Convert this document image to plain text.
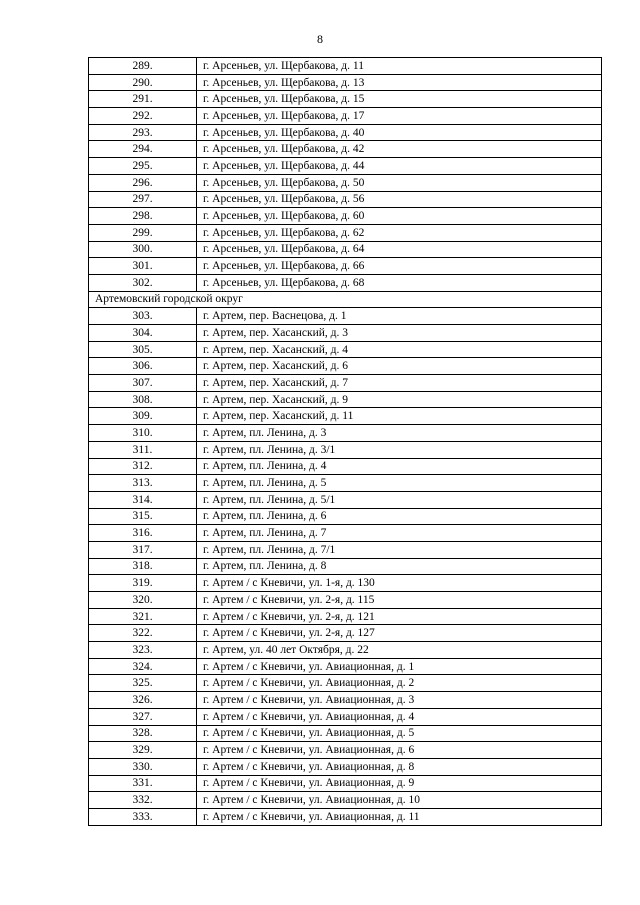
8
289.	г. Арсеньев, ул. Щербакова, д. 11
290.	г. Арсеньев, ул. Щербакова, д. 13
291.	г. Арсеньев, ул. Щербакова, д. 15
292.	г. Арсеньев, ул. Щербакова, д. 17
293.	г. Арсеньев, ул. Щербакова, д. 40
294.	г. Арсеньев, ул. Щербакова, д. 42
295.	г. Арсеньев, ул. Щербакова, д. 44
296.	г. Арсеньев, ул. Щербакова, д. 50
297.	г. Арсеньев, ул. Щербакова, д. 56
298.	г. Арсеньев, ул. Щербакова, д. 60
299.	г. Арсеньев, ул. Щербакова, д. 62
300.	г. Арсеньев, ул. Щербакова, д. 64
301.	г. Арсеньев, ул. Щербакова, д. 66
302.	г. Арсеньев, ул. Щербакова, д. 68
Артемовский городской округ	
303.	г. Артем, пер. Васнецова, д. 1
304.	г. Артем, пер. Хасанский, д. 3
305.	г. Артем, пер. Хасанский, д. 4
306.	г. Артем, пер. Хасанский, д. 6
307.	г. Артем, пер. Хасанский, д. 7
308.	г. Артем, пер. Хасанский, д. 9
309.	г. Артем, пер. Хасанский, д. 11
310.	г. Артем, пл. Ленина, д. 3
311.	г. Артем, пл. Ленина, д. 3/1
312.	г. Артем, пл. Ленина, д. 4
313.	г. Артем, пл. Ленина, д. 5
314.	г. Артем, пл. Ленина, д. 5/1
315.	г. Артем, пл. Ленина, д. 6
316.	г. Артем, пл. Ленина, д. 7
317.	г. Артем, пл. Ленина, д. 7/1
318.	г. Артем, пл. Ленина, д. 8
319.	г. Артем / с Кневичи, ул. 1-я, д. 130
320.	г. Артем / с Кневичи, ул. 2-я, д. 115
321.	г. Артем / с Кневичи, ул. 2-я, д. 121
322.	г. Артем / с Кневичи, ул. 2-я, д. 127
323.	г. Артем, ул. 40 лет Октября, д. 22
324.	г. Артем / с Кневичи, ул. Авиационная, д. 1
325.	г. Артем / с Кневичи, ул. Авиационная, д. 2
326.	г. Артем / с Кневичи, ул. Авиационная, д. 3
327.	г. Артем / с Кневичи, ул. Авиационная, д. 4
328.	г. Артем / с Кневичи, ул. Авиационная, д. 5
329.	г. Артем / с Кневичи, ул. Авиационная, д. 6
330.	г. Артем / с Кневичи, ул. Авиационная, д. 8
331.	г. Артем / с Кневичи, ул. Авиационная, д. 9
332.	г. Артем / с Кневичи, ул. Авиационная, д. 10
333.	г. Артем / с Кневичи, ул. Авиационная, д. 11
